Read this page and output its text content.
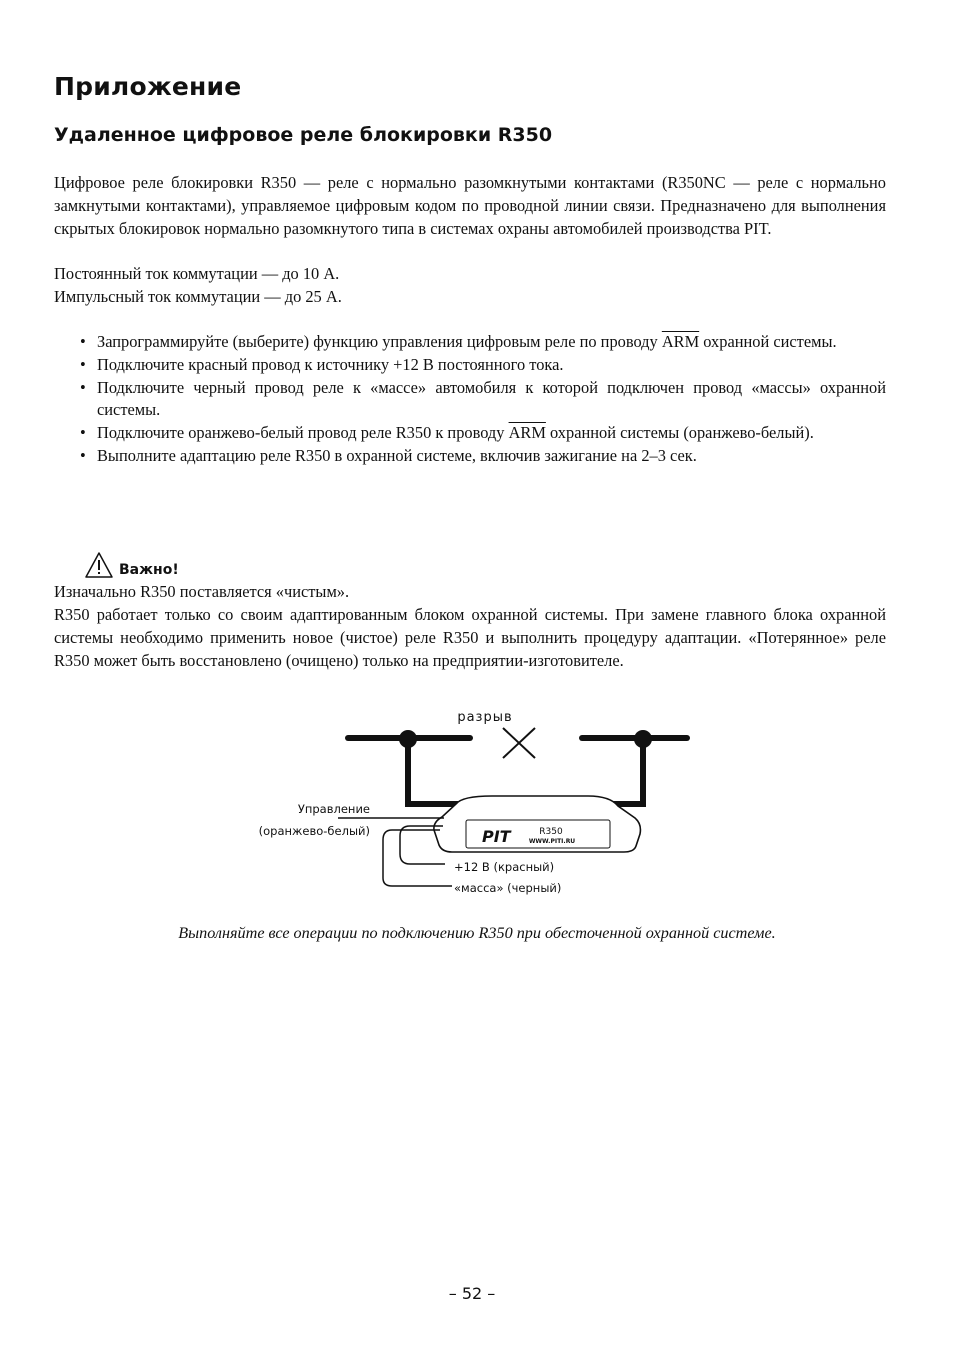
Приложение
Удаленное цифровое реле блокировки R350

Цифровое реле блокировки R350 — реле с нормально разомкнутыми контактами (R350NC — реле с нормально замкнутыми контактами), управляемое цифровым кодом по проводной линии связи. Предназначено для выполнения скрытых блокировок нормально разомкнутого типа в системах охраны автомобилей производства PIT.

Постоянный ток коммутации — до 10 А.

Импульсный ток коммутации — до 25 А.

• Запрограммируйте (выберите) функцию управления цифровым реле по проводу $\overline{ARM}$ охранной системы.
• Подключите красный провод к источнику +12 В постоянного тока.
• Подключите черный провод реле к «массе» автомобиля к которой подключен провод «массы» охранной системы.
• Подключите оранжево-белый провод реле R350 к проводу $\overline{ARM}$ охранной системы (оранжево-белый).
• Выполните адаптацию реле R350 в охранной системе, включив зажигание на 2–3 сек.
Важно!

Изначально R350 поставляется «чистым».

R350 работает только со своим адаптированным блоком охранной системы. При замене главного блока охранной системы необходимо применить новое (чистое) реле R350 и выполнить процедуру адаптации. «Потерянное» реле R350 может быть восстановлено (очищено) только на предприятии-изготовителе.

разрыв
PIT	R350
WWW.PITI.RU
Управление
(оранжево-белый)
+12 В (красный)
«масса» (черный)

Выполняйте все операции по подключению R350 при обесточенной охранной системе.

– 52 –
